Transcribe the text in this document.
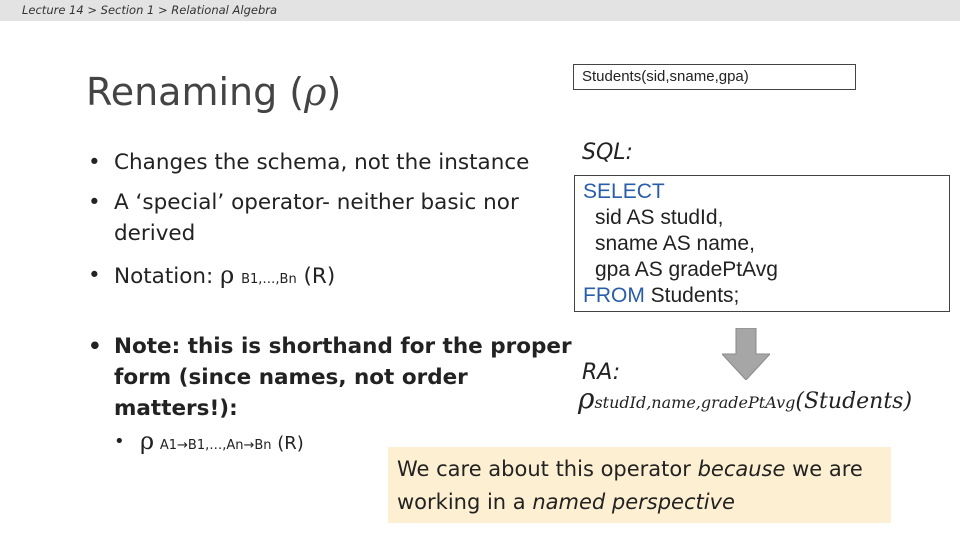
Lecture 14 > Section 1 > Relational Algebra
Renaming (ρ)
• Changes the schema, not the instance
• A ‘special’ operator- neither basic nor derived
• Notation: ρ B1,…,Bn (R)
• Note: this is shorthand for the proper form (since names, not order matters!):
• ρ A1→B1,…,An→Bn (R)
Students(sid,sname,gpa)
SQL:
SELECT
sid AS studId,
sname AS name,
gpa AS gradePtAvg
FROM Students;
RA:
ρstudId,name,gradePtAvg(Students)
We care about this operator because we are working in a named perspective
